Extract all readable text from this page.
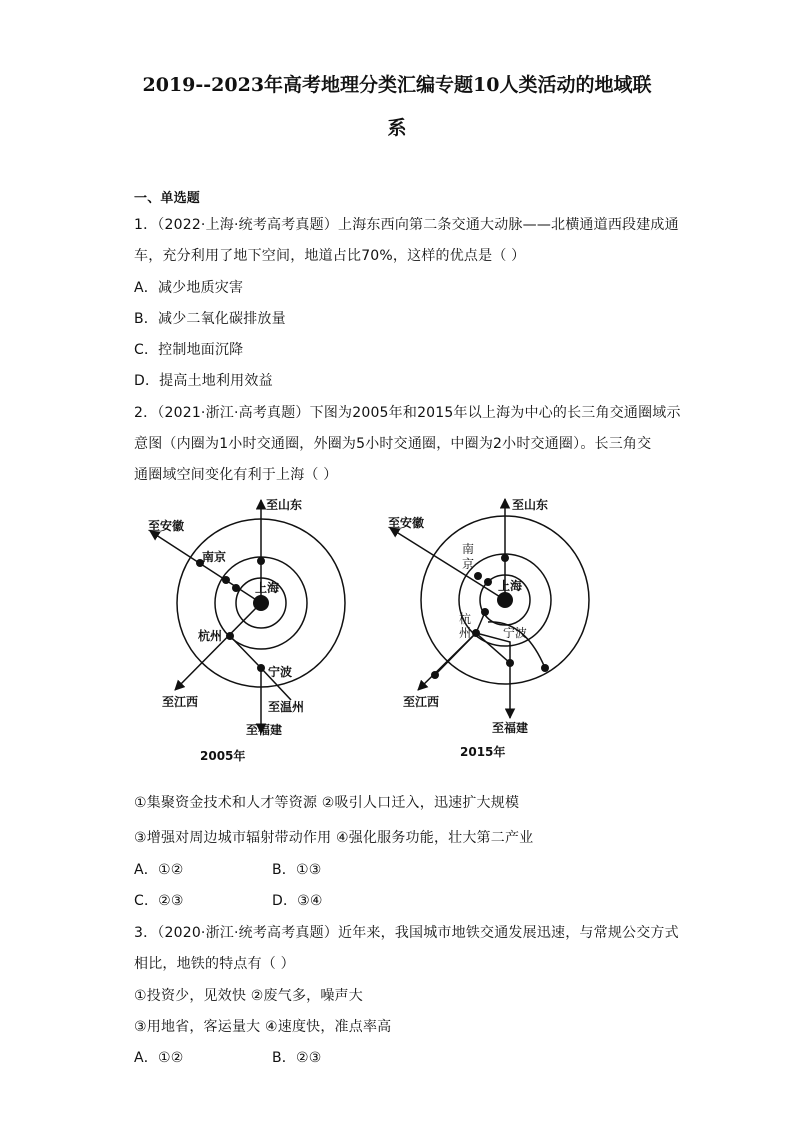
2019--2023年高考地理分类汇编专题10人类活动的地域联
系
一、单选题
1．（2022·上海·统考高考真题）上海东西向第二条交通大动脉——北横通道西段建成通
车，充分利用了地下空间，地道占比70%，这样的优点是（ ）
A．减少地质灾害
B．减少二氧化碳排放量
C．控制地面沉降
D．提高土地利用效益
2．（2021·浙江·高考真题）下图为2005年和2015年以上海为中心的长三角交通圈域示
意图（内圈为1小时交通圈，外圈为5小时交通圈，中圈为2小时交通圈）。长三角交
通圈域空间变化有利于上海（ ）
至山东
至安徽
南京
上海
杭州
宁波
至江西	至温州
至福建
2005年
至山东
至安徽
南
京
上海
杭
州	宁波
至江西
至福建
2015年
①集聚资金技术和人才等资源 ②吸引人口迁入，迅速扩大规模
③增强对周边城市辐射带动作用 ④强化服务功能，壮大第二产业
A．①②	B．①③
C．②③	D．③④
3．（2020·浙江·统考高考真题）近年来，我国城市地铁交通发展迅速，与常规公交方式
相比，地铁的特点有（ ）
①投资少，见效快 ②废气多，噪声大
③用地省，客运量大 ④速度快，准点率高
A．①②	B．②③
